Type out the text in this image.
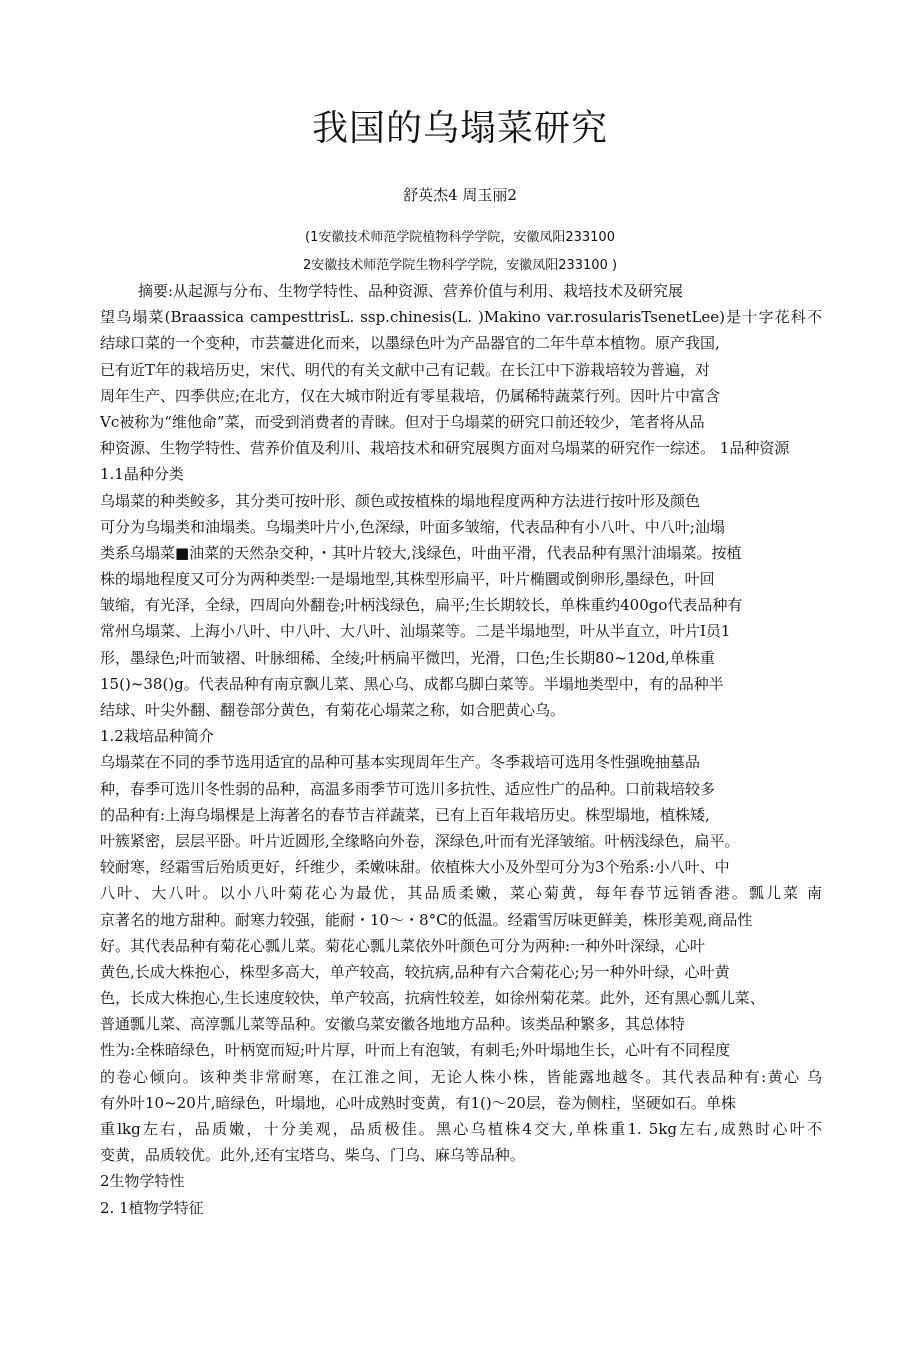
我国的乌塌菜研究
舒英杰4 周玉丽2
(1安徽技术师范学院植物科学学院，安徽凤阳233100
2安徽技术师范学院生物科学学院，安徽凤阳233100 )
摘要:从起源与分布、生物学特性、品种资源、营养价值与利用、栽培技术及研究展
望乌塌菜(Braassica campesttrisL. ssp.chinesis(L. )Makino var.rosularisTsenetLee)是十字花科不
结球口菜的一个变种，市芸薹进化而来，以墨绿色叶为产品器官的二年牛草本植物。原产我国,
已有近T年的栽培历史，宋代、明代的有关文献中己有记载。在长江中下游栽培较为普遍，对
周年生产、四季供应;在北方，仅在大城市附近有零星栽培，仍属稀特蔬菜行列。因叶片中富含
Vc被称为“维他命”菜，而受到消费者的青睐。但对于乌塌菜的研究口前还较少，笔者将从品
种资源、生物学特性、营养价值及利川、栽培技术和研究展舆方面对乌塌菜的研究作一综述。 1品种资源
1.1晶种分类
乌塌菜的种类鲛多，其分类可按叶形、颜色或按植株的塌地程度两种方法进行按叶形及颜色
可分为乌塌类和油塌类。乌塌类叶片小,色深绿，叶面多皱缩，代表品种有小八叶、中八叶;汕塌
类系乌塌菜■油菜的天然杂交种，・其叶片较大,浅绿色，叶曲平滑，代表品种有黑汁油塌菜。按植
株的塌地程度又可分为两种类型:一是塌地型,其株型形扁平，叶片椭圜或倒卵形,墨绿色，叶回
皱缩，有光泽，全绿，四周向外翻卷;叶柄浅绿色，扁平;生长期较长，单株重约400go代表品种有
常州乌塌菜、上海小八叶、中八叶、大八叶、汕塌菜等。二是半塌地型，叶从半直立，叶片I员1
形，墨绿色;叶而皱褶、叶脉细稀、全绫;叶柄扁平微凹，光滑，口色;生长期80~120d,单株重
15()~38()g。代表品种有南京飘儿菜、黑心乌、成都乌脚白菜等。半塌地类型中，有的品种半
结球、叶尖外翻、翻卷部分黄色，有菊花心塌菜之称，如合肥黄心乌。
1.2栽培品种简介
乌塌菜在不同的季节选用适宜的品种可基本实现周年生产。冬季栽培可选用冬性强晚抽墓品
种，春季可选川冬性弱的品种，高温多雨季节可选川多抗性、适应性广的品种。口前栽培较多
的品种有:上海乌塌棵是上海著名的春节吉祥蔬菜，已有上百年栽培历史。株型塌地，植株矮,
叶簇紧密，层层平卧。叶片近圆形,全缘略向外卷，深绿色,叶而有光泽皱缩。叶柄浅绿色，扁平。
较耐寒，经霜雪后殆质更好，纤维少，柔嫩味甜。依植株大小及外型可分为3个殆系:小八叶、中
八叶、大八叶。以小八叶菊花心为最优，其品质柔嫩，菜心菊黄，每年春节远销香港。瓢儿菜 南
京著名的地方甜种。耐寒力较强，能耐・10〜・8°C的低温。经霜雪厉味更鲜美，株形美观,商品性
好。其代表品种有菊花心瓢儿菜。菊花心瓢儿菜依外叶颜色可分为两种:一种外叶深绿，心叶
黄色,长成大株抱心，株型多高大，单产较高，较抗病,品种有六合菊花心;另一种外叶绿，心叶黄
色，长成大株抱心,生长速度较快，单产较高，抗病性较差，如徐州菊花菜。此外，还有黑心瓢儿菜、
普通瓢儿菜、高淳瓢儿菜等品种。安徽乌菜安徽各地地方品种。该类品种繁多，其总体特
性为:全株暗绿色，叶柄宽而短;叶片厚，叶而上有泡皱，有刺毛;外叶塌地生长，心叶有不同程度
的卷心倾向。该种类非常耐寒，在江淮之间，无论人株小株，皆能露地越冬。其代表品种有:黄心 乌
有外叶10~20片,暗绿色，叶塌地，心叶成熟时变黄，有1()～20层，卷为侧柱，坚硬如石。单株
重lkg左右，品质嫩，十分美观，品质极佳。黑心乌植株4交大,单株重1. 5kg左右,成熟时心叶不
变黄，品质较优。此外,还有宝塔乌、柴乌、门乌、麻乌等品种。
2生物学特性
2. 1植物学特征
